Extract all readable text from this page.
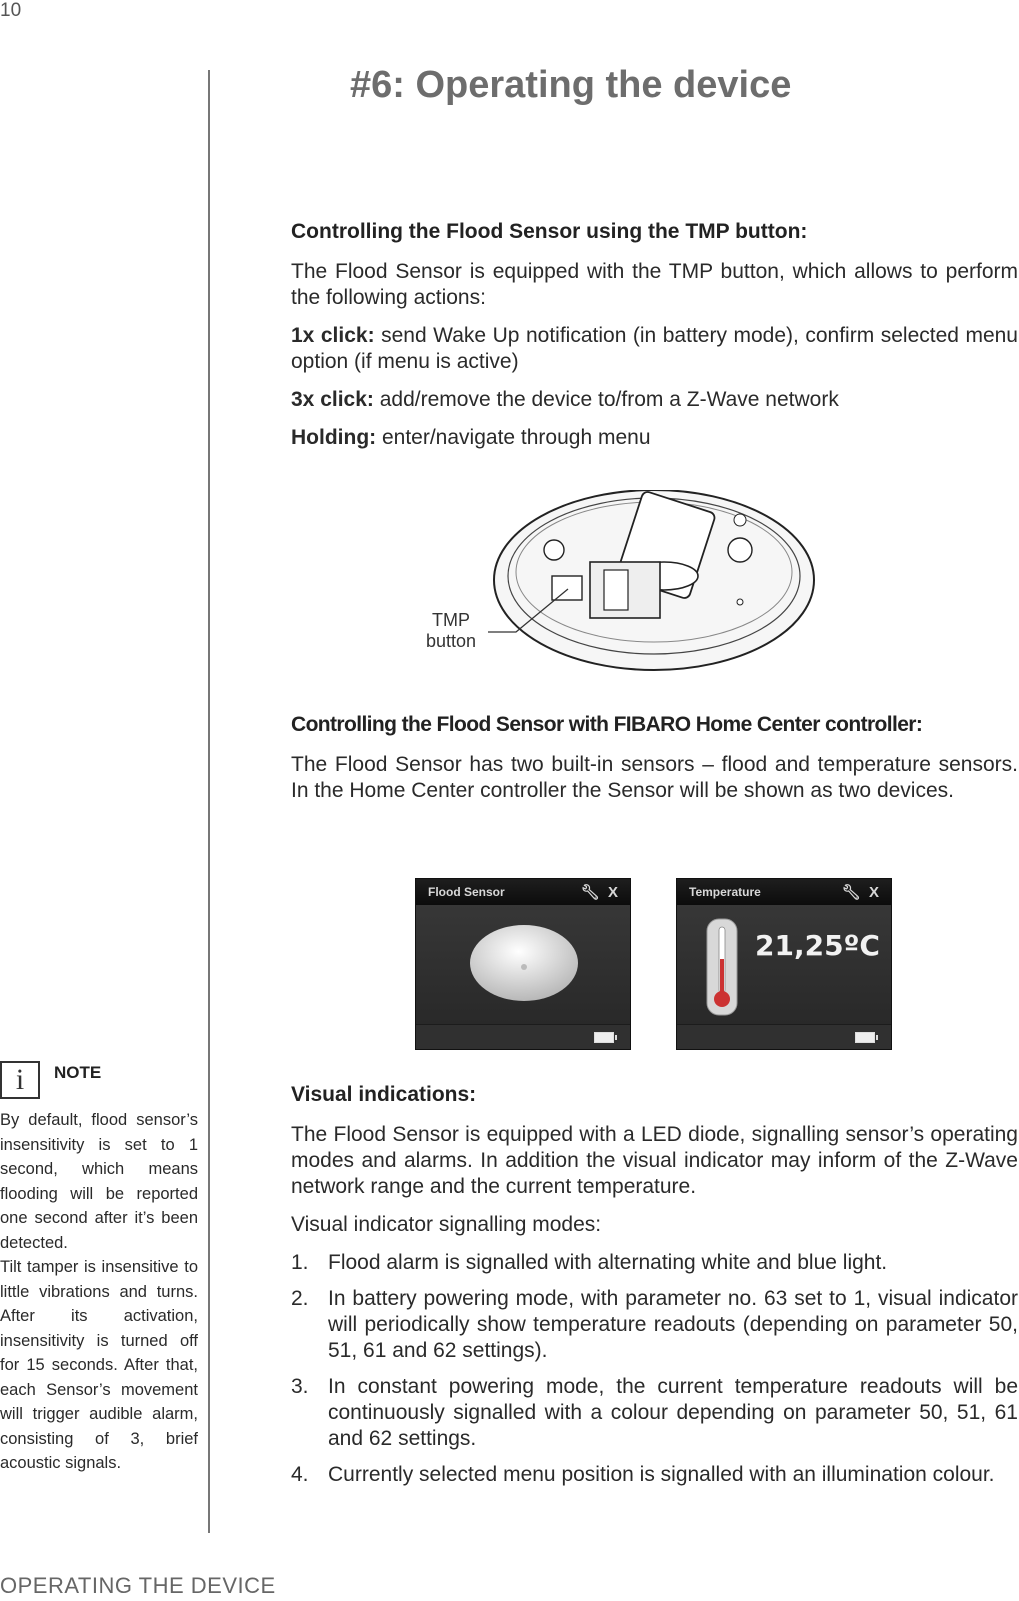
10
#6: Operating the device

Controlling the Flood Sensor using the TMP button:

The Flood Sensor is equipped with the TMP button, which allows to perform the following actions:

1x click: send Wake Up notification (in battery mode), confirm selected menu option (if menu is active)

3x click: add/remove the device to/from a Z-Wave network

Holding: enter/navigate through menu

TMP
button

Controlling the Flood Sensor with FIBARO Home Center controller:

The Flood Sensor has two built-in sensors – flood and temperature sensors. In the Home Center controller the Sensor will be shown as two devices.

Flood Sensor	🔧︎ X	Temperature	🔧︎ X
21,25ºC
i	NOTE
By default, flood sensor’s insensitivity is set to 1 second, which means flooding will be reported one second after it’s been detected.
Tilt tamper is insensitive to little vibrations and turns. After its activation, insensitivity is turned off for 15 seconds. After that, each Sensor’s movement will trigger audible alarm, consisting of 3, brief acoustic signals.

Visual indications:

The Flood Sensor is equipped with a LED diode, signalling sensor’s operating modes and alarms. In addition the visual indicator may inform of the Z-Wave network range and the current temperature.

Visual indicator signalling modes:

1. Flood alarm is signalled with alternating white and blue light.
2. In battery powering mode, with parameter no. 63 set to 1, visual indicator will periodically show temperature readouts (depending on parameter 50, 51, 61 and 62 settings).
3. In constant powering mode, the current temperature readouts will be continuously signalled with a colour depending on parameter 50, 51, 61 and 62 settings.
4. Currently selected menu position is signalled with an illumination colour.
OPERATING THE DEVICE
